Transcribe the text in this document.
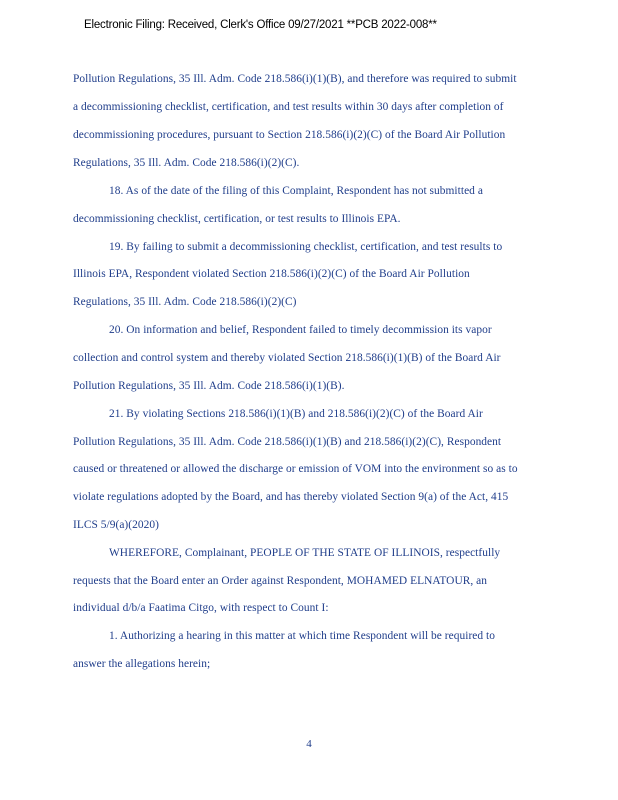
Electronic Filing: Received, Clerk's Office 09/27/2021 **PCB 2022-008**
Pollution Regulations, 35 Ill. Adm. Code 218.586(i)(1)(B), and therefore was required to submit
a decommissioning checklist, certification, and test results within 30 days after completion of
decommissioning procedures, pursuant to Section 218.586(i)(2)(C) of the Board Air Pollution
Regulations, 35 Ill. Adm. Code 218.586(i)(2)(C).
18. As of the date of the filing of this Complaint, Respondent has not submitted a
decommissioning checklist, certification, or test results to Illinois EPA.
19. By failing to submit a decommissioning checklist, certification, and test results to
Illinois EPA, Respondent violated Section 218.586(i)(2)(C) of the Board Air Pollution
Regulations, 35 Ill. Adm. Code 218.586(i)(2)(C)
20. On information and belief, Respondent failed to timely decommission its vapor
collection and control system and thereby violated Section 218.586(i)(1)(B) of the Board Air
Pollution Regulations, 35 Ill. Adm. Code 218.586(i)(1)(B).
21. By violating Sections 218.586(i)(1)(B) and 218.586(i)(2)(C) of the Board Air
Pollution Regulations, 35 Ill. Adm. Code 218.586(i)(1)(B) and 218.586(i)(2)(C), Respondent
caused or threatened or allowed the discharge or emission of VOM into the environment so as to
violate regulations adopted by the Board, and has thereby violated Section 9(a) of the Act, 415
ILCS 5/9(a)(2020)
WHEREFORE, Complainant, PEOPLE OF THE STATE OF ILLINOIS, respectfully
requests that the Board enter an Order against Respondent, MOHAMED ELNATOUR, an
individual d/b/a Faatima Citgo, with respect to Count I:
1. Authorizing a hearing in this matter at which time Respondent will be required to
answer the allegations herein;
4
